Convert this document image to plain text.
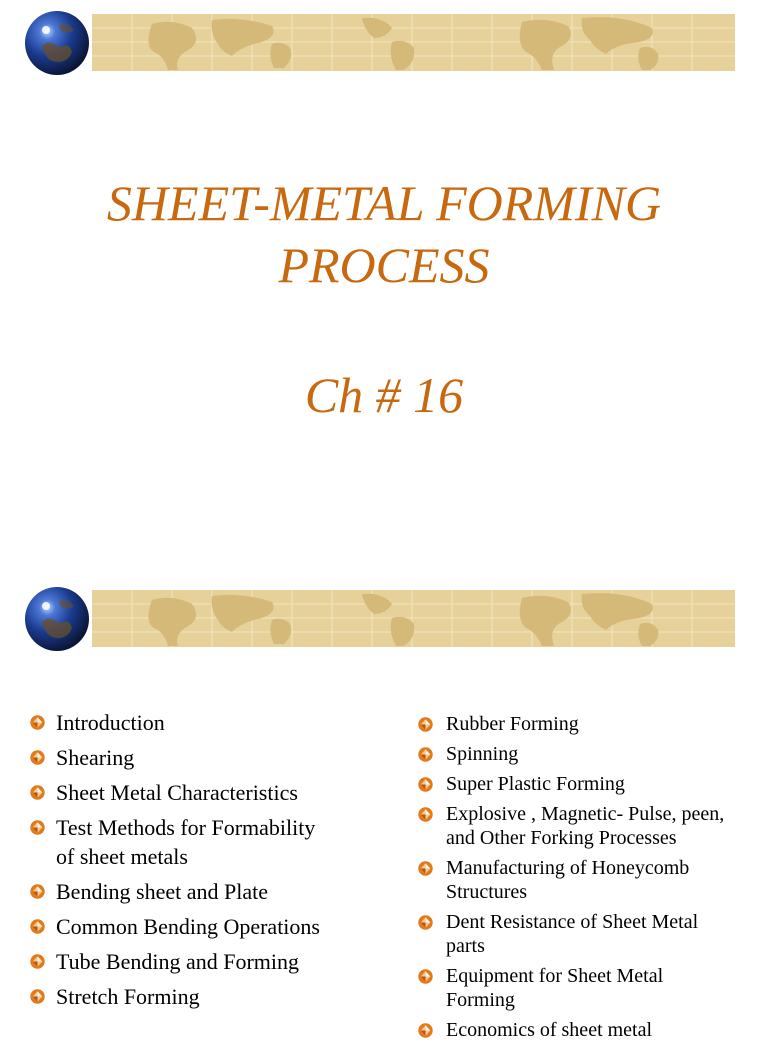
SHEET-METAL FORMING
PROCESS
Ch # 16
Introduction
Shearing
Sheet Metal Characteristics
Test Methods for Formability
of sheet metals
Bending sheet and Plate
Common Bending Operations
Tube Bending and Forming
Stretch Forming
Rubber Forming
Spinning
Super Plastic Forming
Explosive , Magnetic- Pulse, peen,
and Other Forking Processes
Manufacturing of Honeycomb
Structures
Dent Resistance of Sheet Metal
parts
Equipment for Sheet Metal
Forming
Economics of sheet metal
